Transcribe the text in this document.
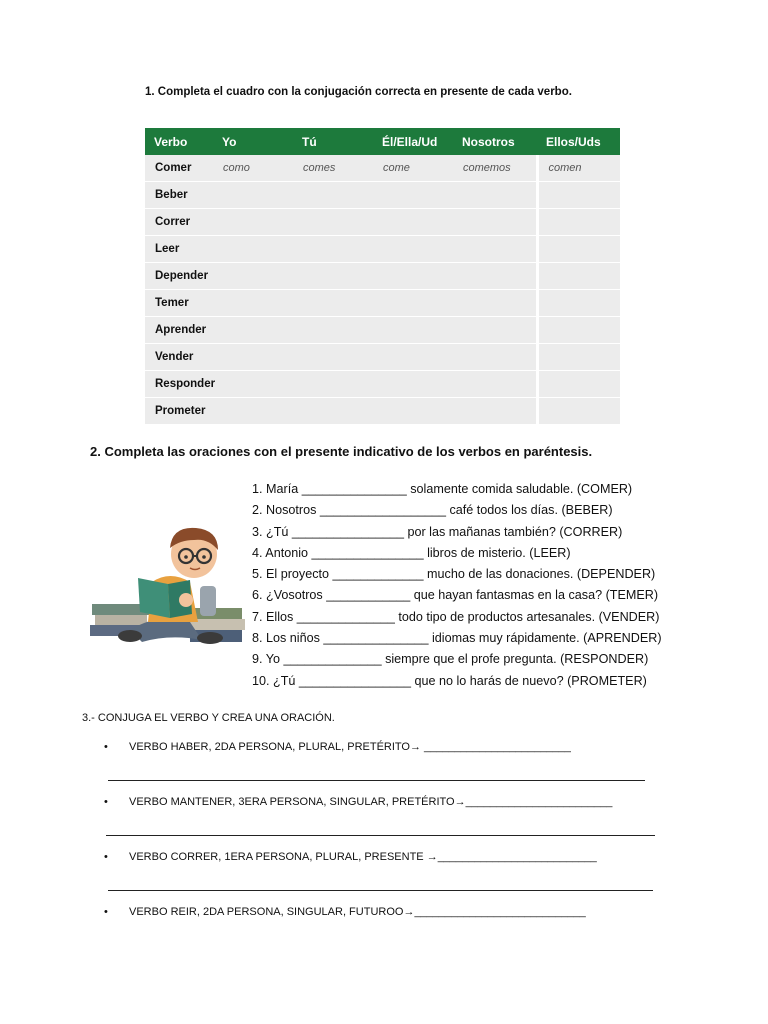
1. Completa el cuadro con la conjugación correcta en presente de cada verbo.
Verbo	Yo	Tú	Él/Ella/Ud	Nosotros	Ellos/Uds
Comer	como	comes	come	comemos	comen
Beber					
Correr					
Leer					
Depender					
Temer					
Aprender					
Vender					
Responder					
Prometer					
2. Completa las oraciones con el presente indicativo de los verbos en paréntesis.
1. María _______________ solamente comida saludable. (COMER)
2. Nosotros __________________ café todos los días. (BEBER)
3. ¿Tú ________________ por las mañanas también? (CORRER)
4. Antonio ________________ libros de misterio. (LEER)
5. El proyecto _____________ mucho de las donaciones. (DEPENDER)
6. ¿Vosotros ____________ que hayan fantasmas en la casa? (TEMER)
7. Ellos ______________ todo tipo de productos artesanales. (VENDER)
8. Los niños _______________ idiomas muy rápidamente. (APRENDER)
9. Yo ______________ siempre que el profe pregunta. (RESPONDER)
10. ¿Tú ________________ que no lo harás de nuevo? (PROMETER)
3.- CONJUGA EL VERBO Y CREA UNA ORACIÓN.
• VERBO HABER, 2DA PERSONA, PLURAL, PRETÉRITO→ ________________________
• VERBO MANTENER, 3ERA PERSONA, SINGULAR, PRETÉRITO→________________________
• VERBO CORRER, 1ERA PERSONA, PLURAL, PRESENTE →__________________________
• VERBO REIR, 2DA PERSONA, SINGULAR, FUTUROO→____________________________
